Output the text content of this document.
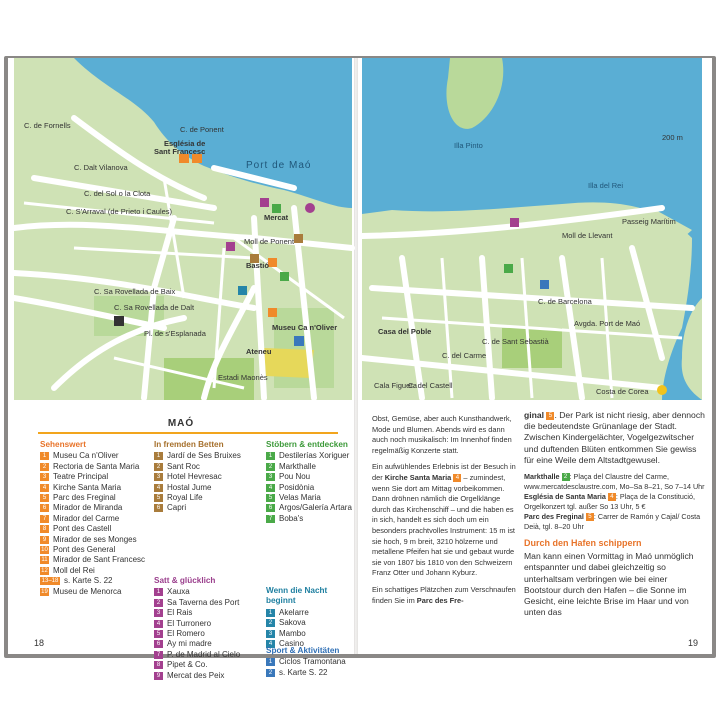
Port de Maó
Església de
Sant Francesc
Mercat
Bastió
Ateneu
Museu Ca n'Oliver
C. S'Arraval (de Prieto i Caules)
C. Sa Rovellada de Baix
C. Sa Rovellada de Dalt
Pl. de s'Esplanada
Estadi Maonès
C. de Fornells
C. Dalt Vilanova
C. del Sol o la Clota
C. de Ponent
Moll de Ponent
MAÓ
Sehenswert
1 Museu Ca n'Oliver
2 Rectoria de Santa Maria
3 Teatre Principal
4 Kirche Santa Maria
5 Parc des Freginal
6 Mirador de Miranda
7 Mirador del Carme
8 Pont des Castell
9 Mirador de ses Monges
10 Pont des General
11 Mirador de Sant Francesc
12 Moll del Rei
13–18 s. Karte S. 22
19 Museu de Menorca
In fremden Betten
1 Jardí de Ses Bruixes
2 Sant Roc
3 Hotel Hevresac
4 Hostal Jume
5 Royal Life
6 Capri
Satt & glücklich
1 Xauxa
2 Sa Taverna des Port
3 El Rais
4 El Turronero
5 El Romero
6 Ay mi madre
7 P. de Madrid al Cielo
8 Pipet & Co.
9 Mercat des Peix
Stöbern & entdecken
1 Destilerías Xoriguer
2 Markthalle
3 Pou Nou
4 Posidònia
5 Velas Maria
6 Argos/Galería Artara
7 Boba's
Wenn die Nacht beginnt
1 Akelarre
2 Sakova
3 Mambo
4 Casino
Sport & Aktivitäten
1 Ciclos Tramontana
2 s. Karte S. 22
18
Illa Pinto
Illa del Rei
200 m
Cala Figuera
Moll de Llevant
Passeig Marítim
C. de Barcelona
Avgda. Port de Maó
Casa del Poble
C. de Sant Sebastià
C. del Carme
C. del Castell
Costa de Corea

Obst, Gemüse, aber auch Kunsthandwerk, Mode und Blumen. Abends wird es dann auch noch musikalisch: Im Innenhof finden regelmäßig Konzerte statt.

Ein aufwühlendes Erlebnis ist der Besuch in der Kirche Santa Maria 4 – zumindest, wenn Sie dort am Mittag vorbeikommen. Dann dröhnen nämlich die Orgelklänge durch das Kirchenschiff – und die haben es in sich, handelt es sich doch um ein besonders prachtvolles Instrument: 15 m ist sie hoch, 9 m breit, 3210 hölzerne und metallene Pfeifen hat sie und gebaut wurde sie von 1807 bis 1810 von den Schweizern Franz Otter und Johann Kyburz.

Ein schattiges Plätzchen zum Verschnaufen finden Sie im Parc des Fre-

ginal 5 . Der Park ist nicht riesig, aber dennoch die bedeutendste Grünanlage der Stadt. Zwischen Kindergelächter, Vogelgezwitscher und duftenden Blüten entkommen Sie gewiss für eine Weile dem Altstadtgewusel.

Markthalle 2 : Plaça del Claustre del Carme, www.mercatdesclaustre.com, Mo–Sa 8–21, So 7–14 Uhr
Església de Santa Maria 4 : Plaça de la Constitució, Orgelkonzert tgl. außer So 13 Uhr, 5 €
Parc des Freginal 5 : Carrer de Ramón y Cajal/ Costa Deià, tgl. 8–20 Uhr
Durch den Hafen schippern

Man kann einen Vormittag in Maó unmöglich entspannter und dabei gleichzeitig so unterhaltsam verbringen wie bei einer Bootstour durch den Hafen – die Sonne im Gesicht, eine leichte Brise im Haar und von unten das

19
